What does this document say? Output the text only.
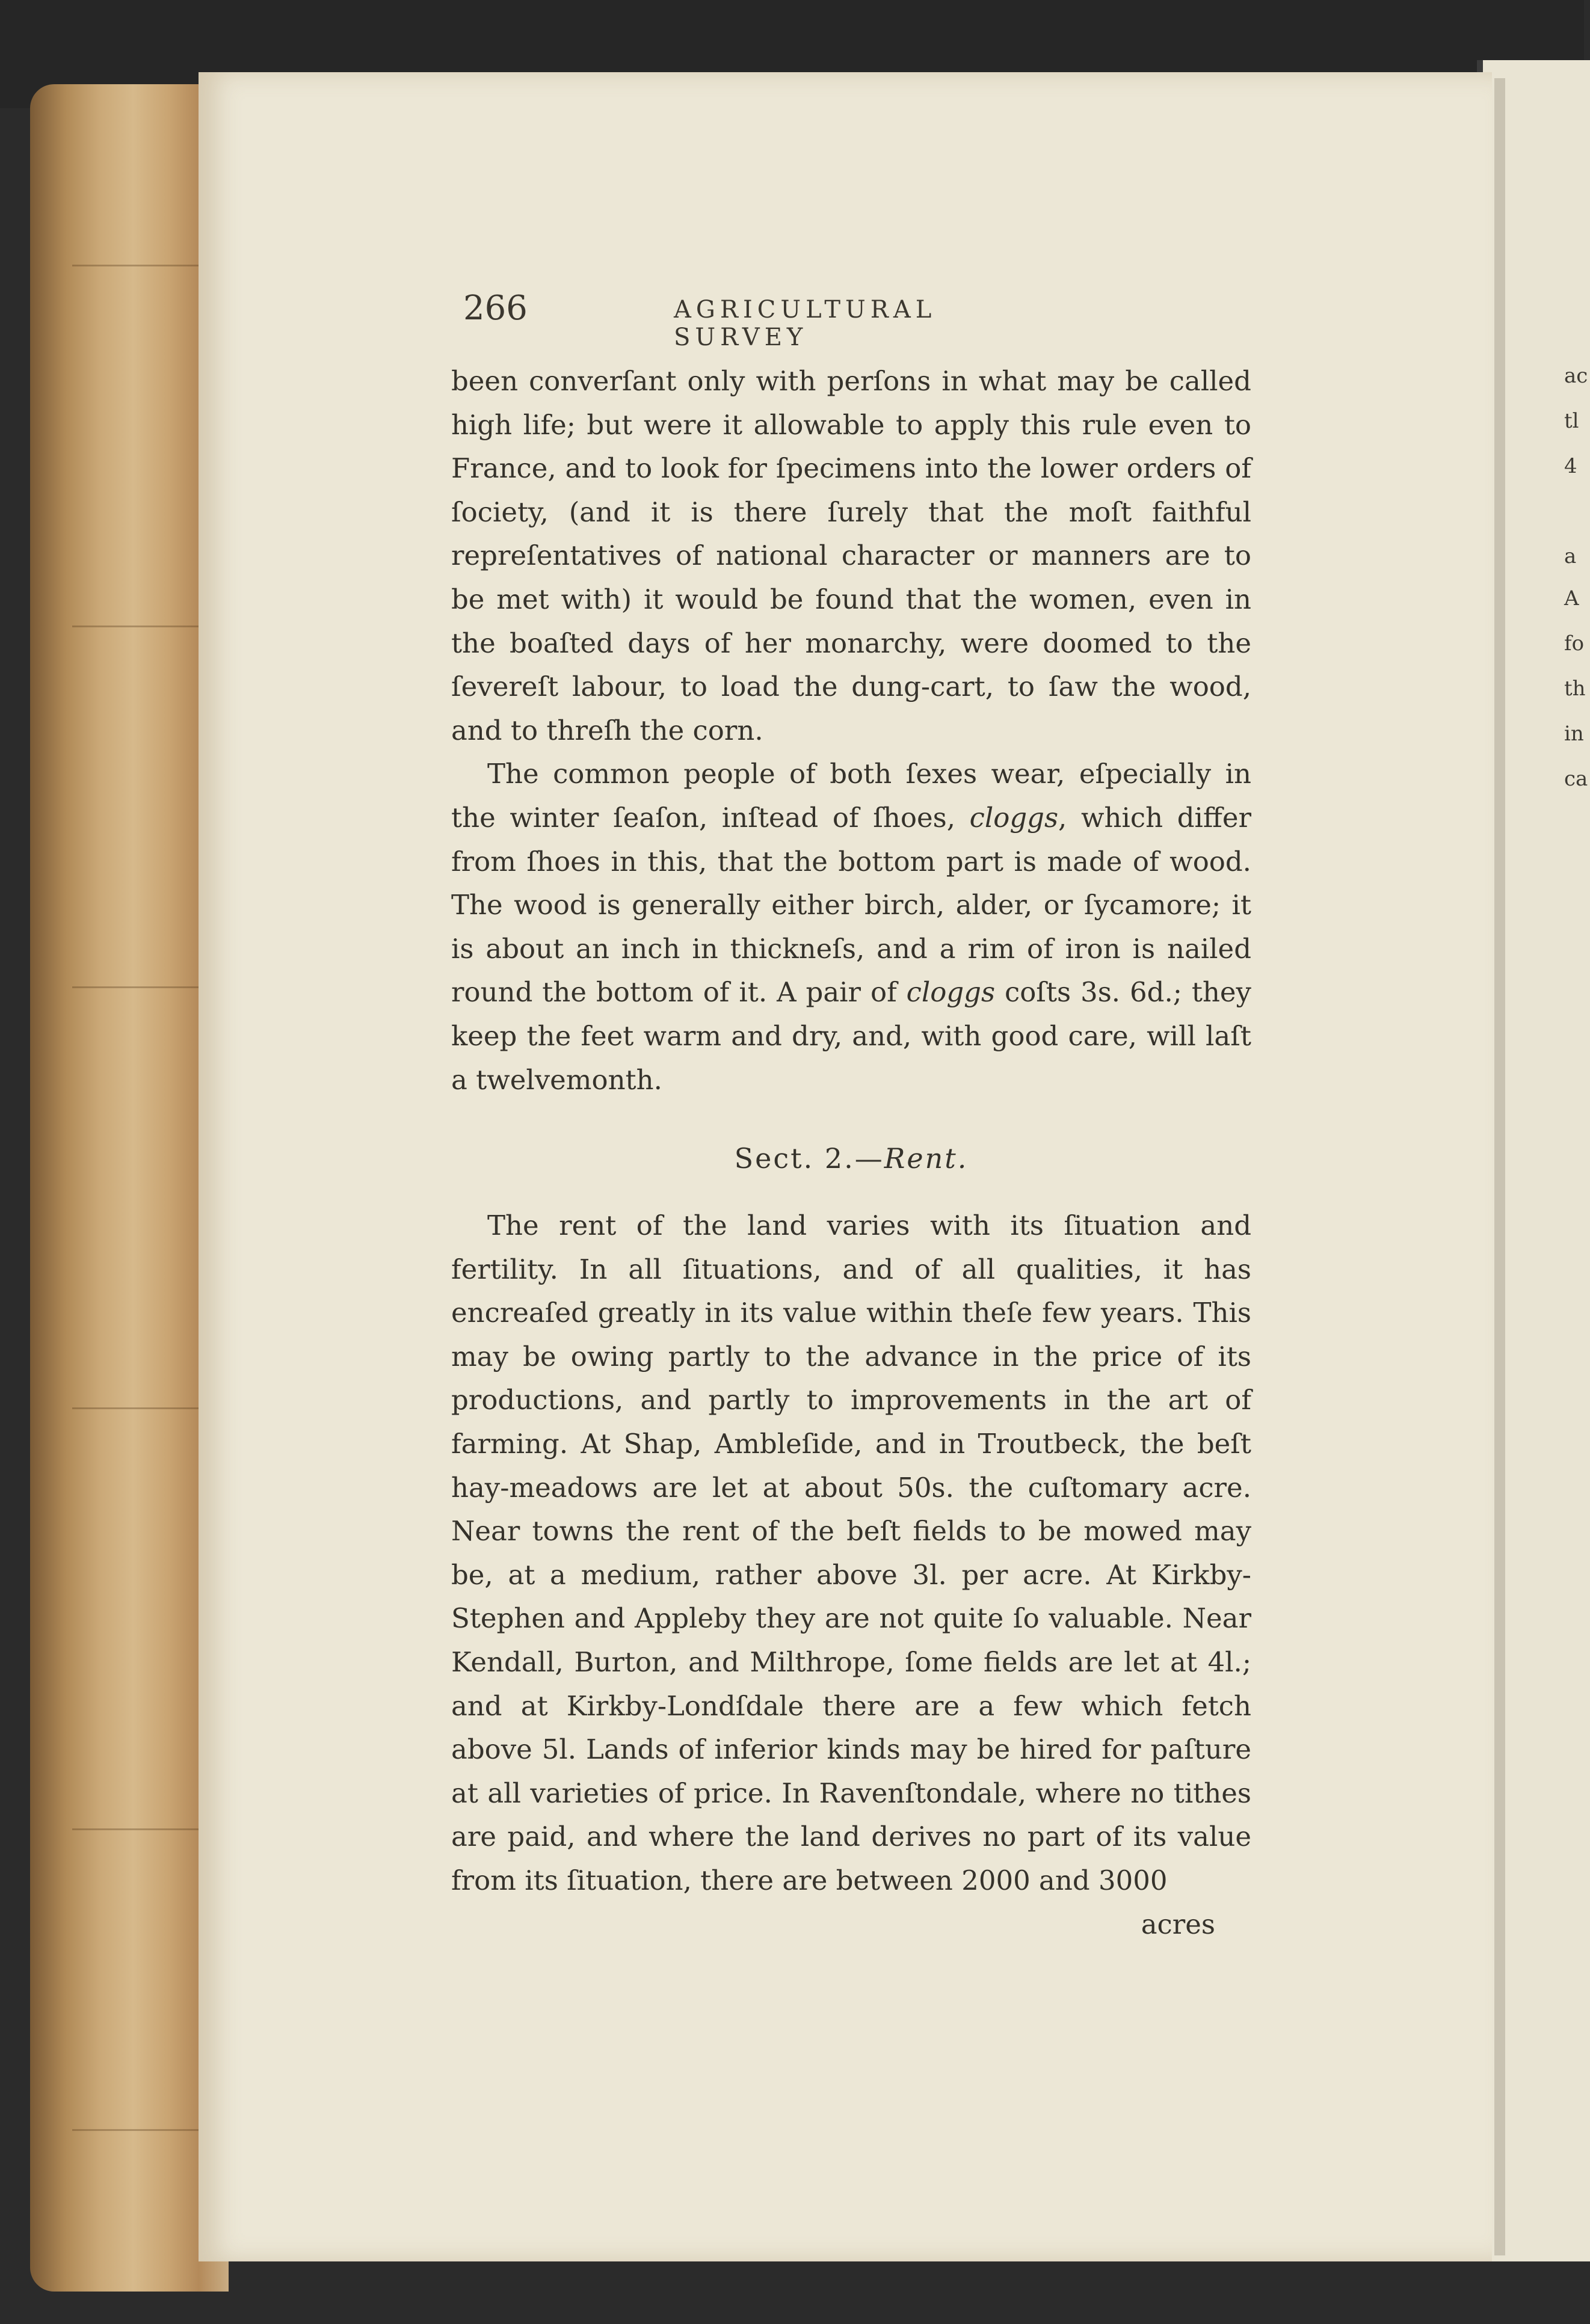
ac
tl
4
a
A
fo
th
in
ca
266	AGRICULTURAL SURVEY

been converſant only with perſons in what may be called high life; but were it allowable to apply this rule even to France, and to look for ſpecimens into the lower orders of ſociety, (and it is there ſurely that the moſt faithful repreſentatives of national character or manners are to be met with) it would be found that the women, even in the boaſted days of her monarchy, were doomed to the ſevereſt labour, to load the dung-cart, to ſaw the wood, and to threſh the corn.

The common people of both ſexes wear, eſpecially in the winter ſeaſon, inſtead of ſhoes, cloggs, which differ from ſhoes in this, that the bottom part is made of wood. The wood is generally either birch, alder, or ſycamore; it is about an inch in thickneſs, and a rim of iron is nailed round the bottom of it. A pair of cloggs coſts 3s. 6d.; they keep the feet warm and dry, and, with good care, will laſt a twelvemonth.

Sect. 2.—Rent.

The rent of the land varies with its ſituation and fertility. In all ſituations, and of all qualities, it has encreaſed greatly in its value within theſe few years. This may be owing partly to the advance in the price of its productions, and partly to improvements in the art of farming. At Shap, Ambleſide, and in Troutbeck, the beſt hay-meadows are let at about 50s. the cuſtomary acre. Near towns the rent of the beſt fields to be mowed may be, at a medium, rather above 3l. per acre. At Kirkby-Stephen and Appleby they are not quite ſo valuable. Near Kendall, Burton, and Milthrope, ſome fields are let at 4l.; and at Kirkby-Londſdale there are a few which fetch above 5l. Lands of inferior kinds may be hired for paſture at all varieties of price. In Ravenſtondale, where no tithes are paid, and where the land derives no part of its value from its ſituation, there are between 2000 and 3000

acres
